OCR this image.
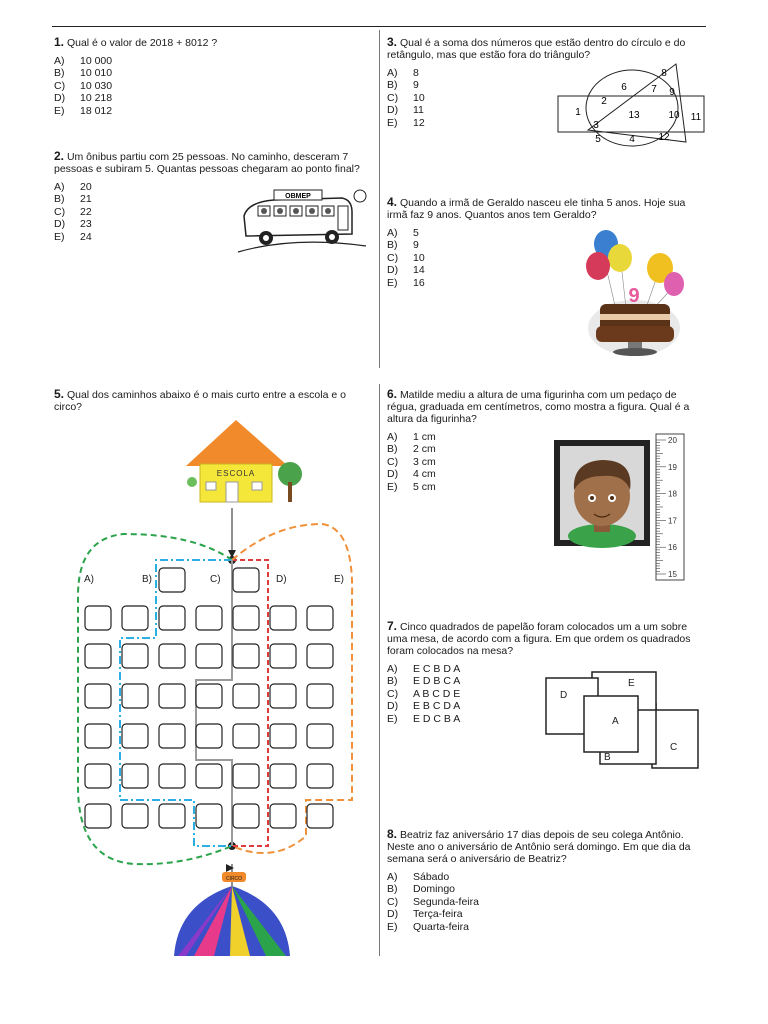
1. Qual é o valor de 2018 + 8012 ?

A) 10 000
B) 10 010
C) 10 030
D) 10 218
E) 18 012

2. Um ônibus partiu com 25 pessoas. No caminho, desceram 7 pessoas e subiram 5. Quantas pessoas chegaram ao ponto final?

A) 20
B) 21
C) 22
D) 23
E) 24
OBMEP

3. Qual é a soma dos números que estão dentro do círculo e do retângulo, mas que estão fora do triângulo?

A) 8
B) 9
C) 10
D) 11
E) 12
8
6 7 9
2
1	13	10 11
3
5	4 12

4. Quando a irmã de Geraldo nasceu ele tinha 5 anos. Hoje sua irmã faz 9 anos. Quantos anos tem Geraldo?

A) 5
B) 9
C) 10
D) 14
E) 16
9

5. Qual dos caminhos abaixo é o mais curto entre a escola e o circo?

ESCOLA
A)	B)	C)	D)	E)
CIRCO

6. Matilde mediu a altura de uma figurinha com um pedaço de régua, graduada em centímetros, como mostra a figura. Qual é a altura da figurinha?

A) 1 cm
B) 2 cm
C) 3 cm
D) 4 cm
E) 5 cm
20
19
18
17
16
15

7. Cinco quadrados de papelão foram colocados um a um sobre uma mesa, de acordo com a figura. Em que ordem os quadrados foram colocados na mesa?

A) E C B D A
B) E D B C A
C) A B C D E
D) E B C D A
E) E D C B A
D
E
A
B
C

8. Beatriz faz aniversário 17 dias depois de seu colega Antônio. Neste ano o aniversário de Antônio será domingo. Em que dia da semana será o aniversário de Beatriz?

A) Sábado
B) Domingo
C) Segunda-feira
D) Terça-feira
E) Quarta-feira
